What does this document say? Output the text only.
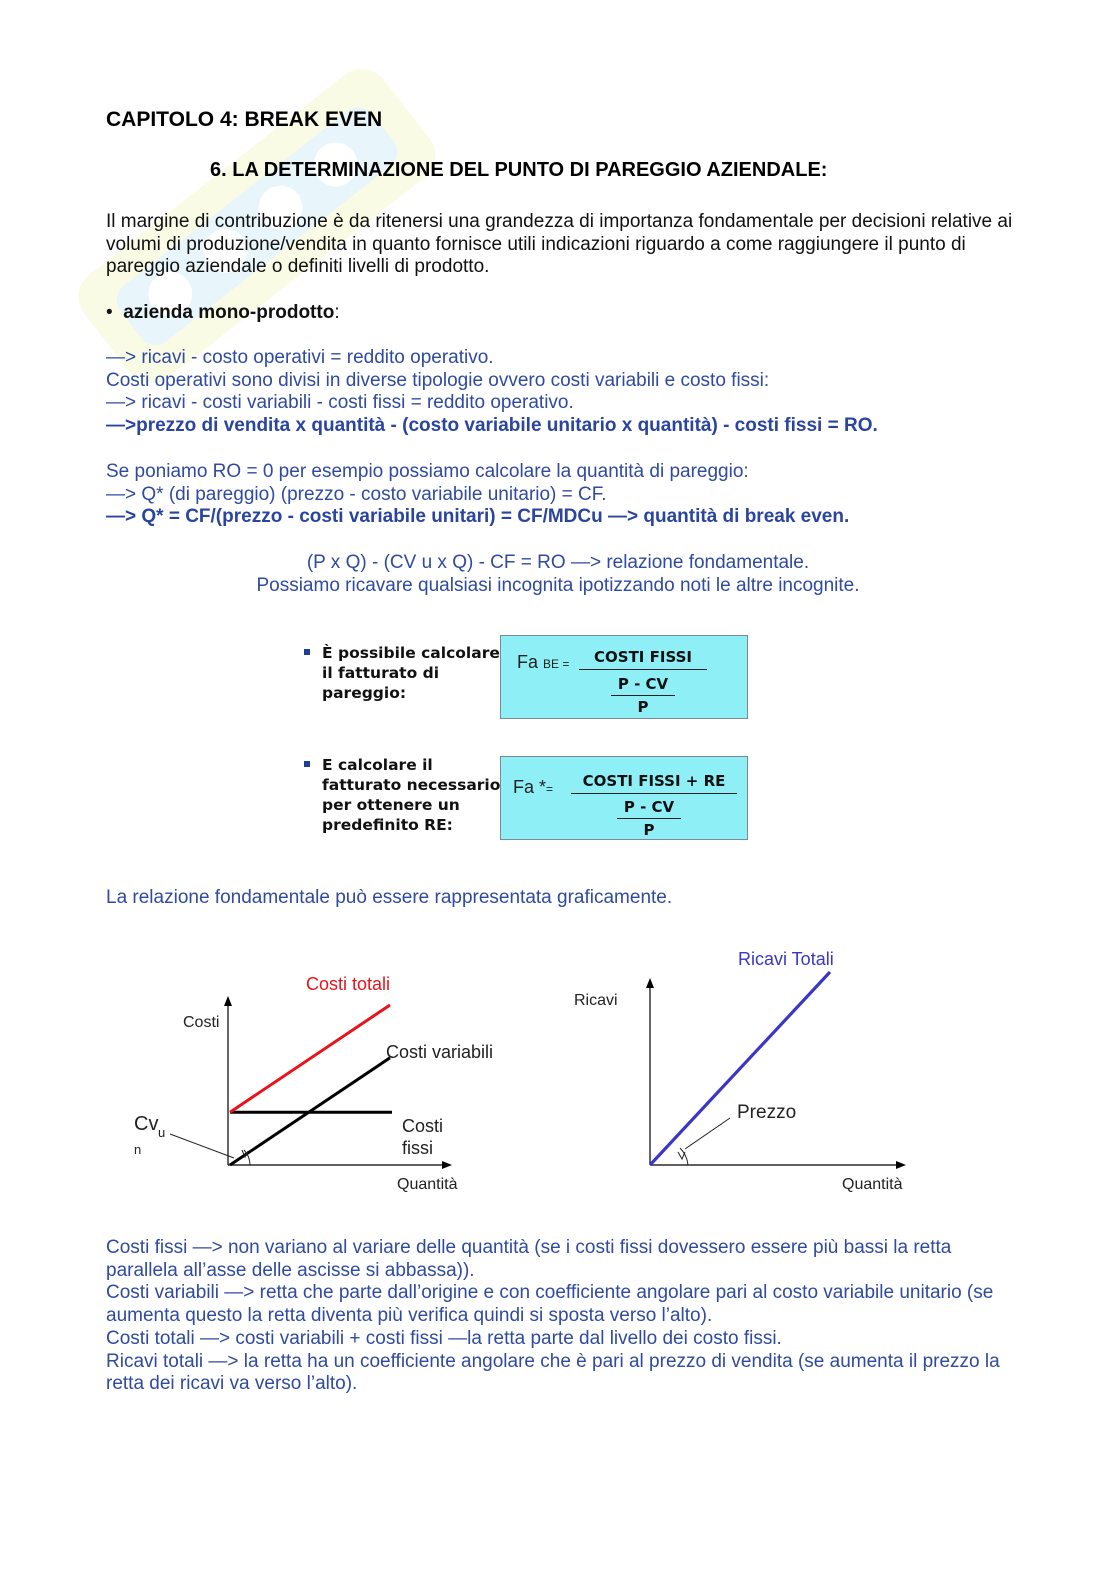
CAPITOLO 4: BREAK EVEN
6. LA DETERMINAZIONE DEL PUNTO DI PAREGGIO AZIENDALE:
Il margine di contribuzione è da ritenersi una grandezza di importanza fondamentale per decisioni relative ai volumi di produzione/vendita in quanto fornisce utili indicazioni riguardo a come raggiungere il punto di pareggio aziendale o definiti livelli di prodotto.
•  azienda mono-prodotto:
—> ricavi - costo operativi = reddito operativo.
Costi operativi sono divisi in diverse tipologie ovvero costi variabili e costo fissi:
—> ricavi - costi variabili - costi fissi = reddito operativo.
—>prezzo di vendita x quantità - (costo variabile unitario x quantità) - costi fissi = RO.
Se poniamo RO = 0 per esempio possiamo calcolare la quantità di pareggio:
—> Q* (di pareggio) (prezzo - costo variabile unitario) = CF.
—> Q* = CF/(prezzo - costi variabile unitari) = CF/MDCu —> quantità di break even.
(P x Q) - (CV u x Q) - CF = RO —> relazione fondamentale.
Possiamo ricavare qualsiasi incognita ipotizzando noti le altre incognite.
È possibile calcolare
il fatturato di
pareggio:
Fa BE =	COSTI FISSI
P - CV
P
E calcolare il
fatturato necessario
per ottenere un
predefinito RE:
Fa *=	COSTI FISSI + RE
P - CV
P
La relazione fondamentale può essere rappresentata graficamente.
Costi
Quantità
Costi totali
Costi variabili
Costi
fissi
Cv u
n
Ricavi
Quantità
Ricavi Totali
Prezzo
Costi fissi —> non variano al variare delle quantità (se i costi fissi dovessero essere più bassi la retta parallela all’asse delle ascisse si abbassa)).
Costi variabili —> retta che parte dall’origine e con coefficiente angolare pari al costo variabile unitario (se aumenta questo la retta diventa più verifica quindi si sposta verso l’alto).
Costi totali —> costi variabili + costi fissi —la retta parte dal livello dei costo fissi.
Ricavi totali —> la retta ha un coefficiente angolare che è pari al prezzo di vendita (se aumenta il prezzo la retta dei ricavi va verso l’alto).
